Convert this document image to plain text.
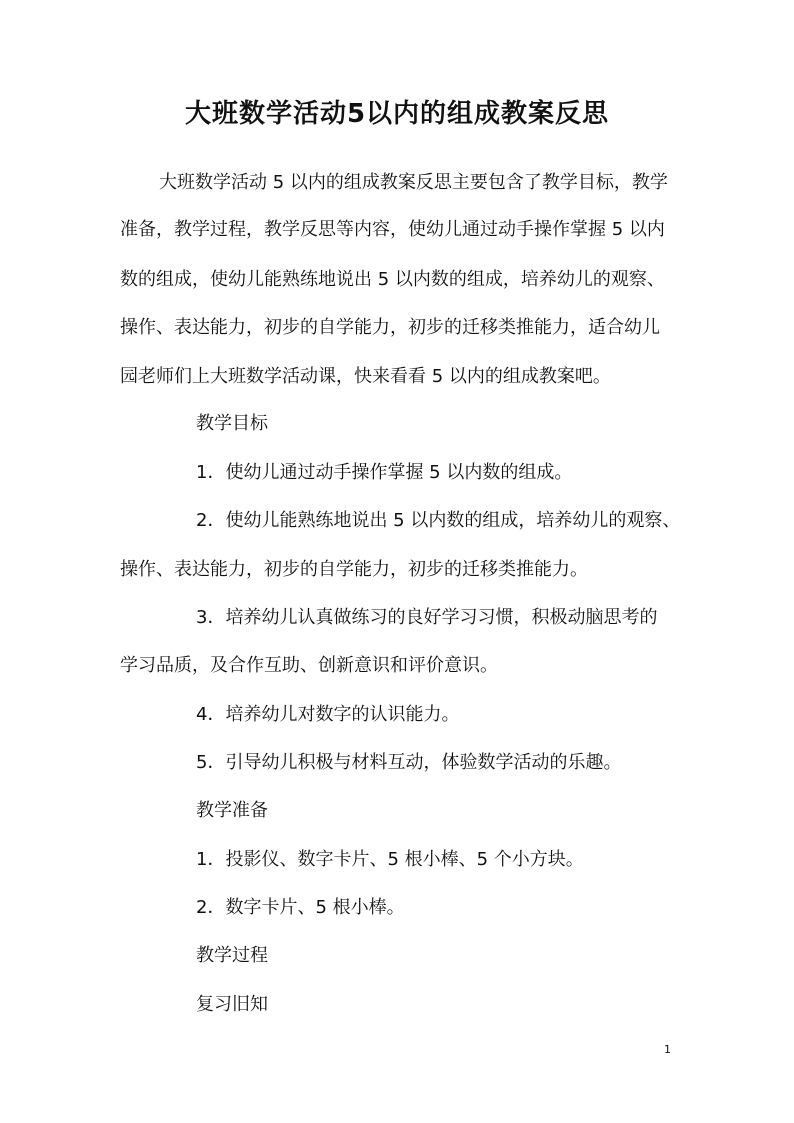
大班数学活动5以内的组成教案反思
大班数学活动 5 以内的组成教案反思主要包含了教学目标，教学
准备，教学过程，教学反思等内容，使幼儿通过动手操作掌握 5 以内
数的组成，使幼儿能熟练地说出 5 以内数的组成，培养幼儿的观察、
操作、表达能力，初步的自学能力，初步的迁移类推能力，适合幼儿
园老师们上大班数学活动课，快来看看 5 以内的组成教案吧。
教学目标
1．使幼儿通过动手操作掌握 5 以内数的组成。
2．使幼儿能熟练地说出 5 以内数的组成，培养幼儿的观察、
操作、表达能力，初步的自学能力，初步的迁移类推能力。
3．培养幼儿认真做练习的良好学习习惯，积极动脑思考的
学习品质，及合作互助、创新意识和评价意识。
4．培养幼儿对数字的认识能力。
5．引导幼儿积极与材料互动，体验数学活动的乐趣。
教学准备
1．投影仪、数字卡片、5 根小棒、5 个小方块。
2．数字卡片、5 根小棒。
教学过程
复习旧知
1
